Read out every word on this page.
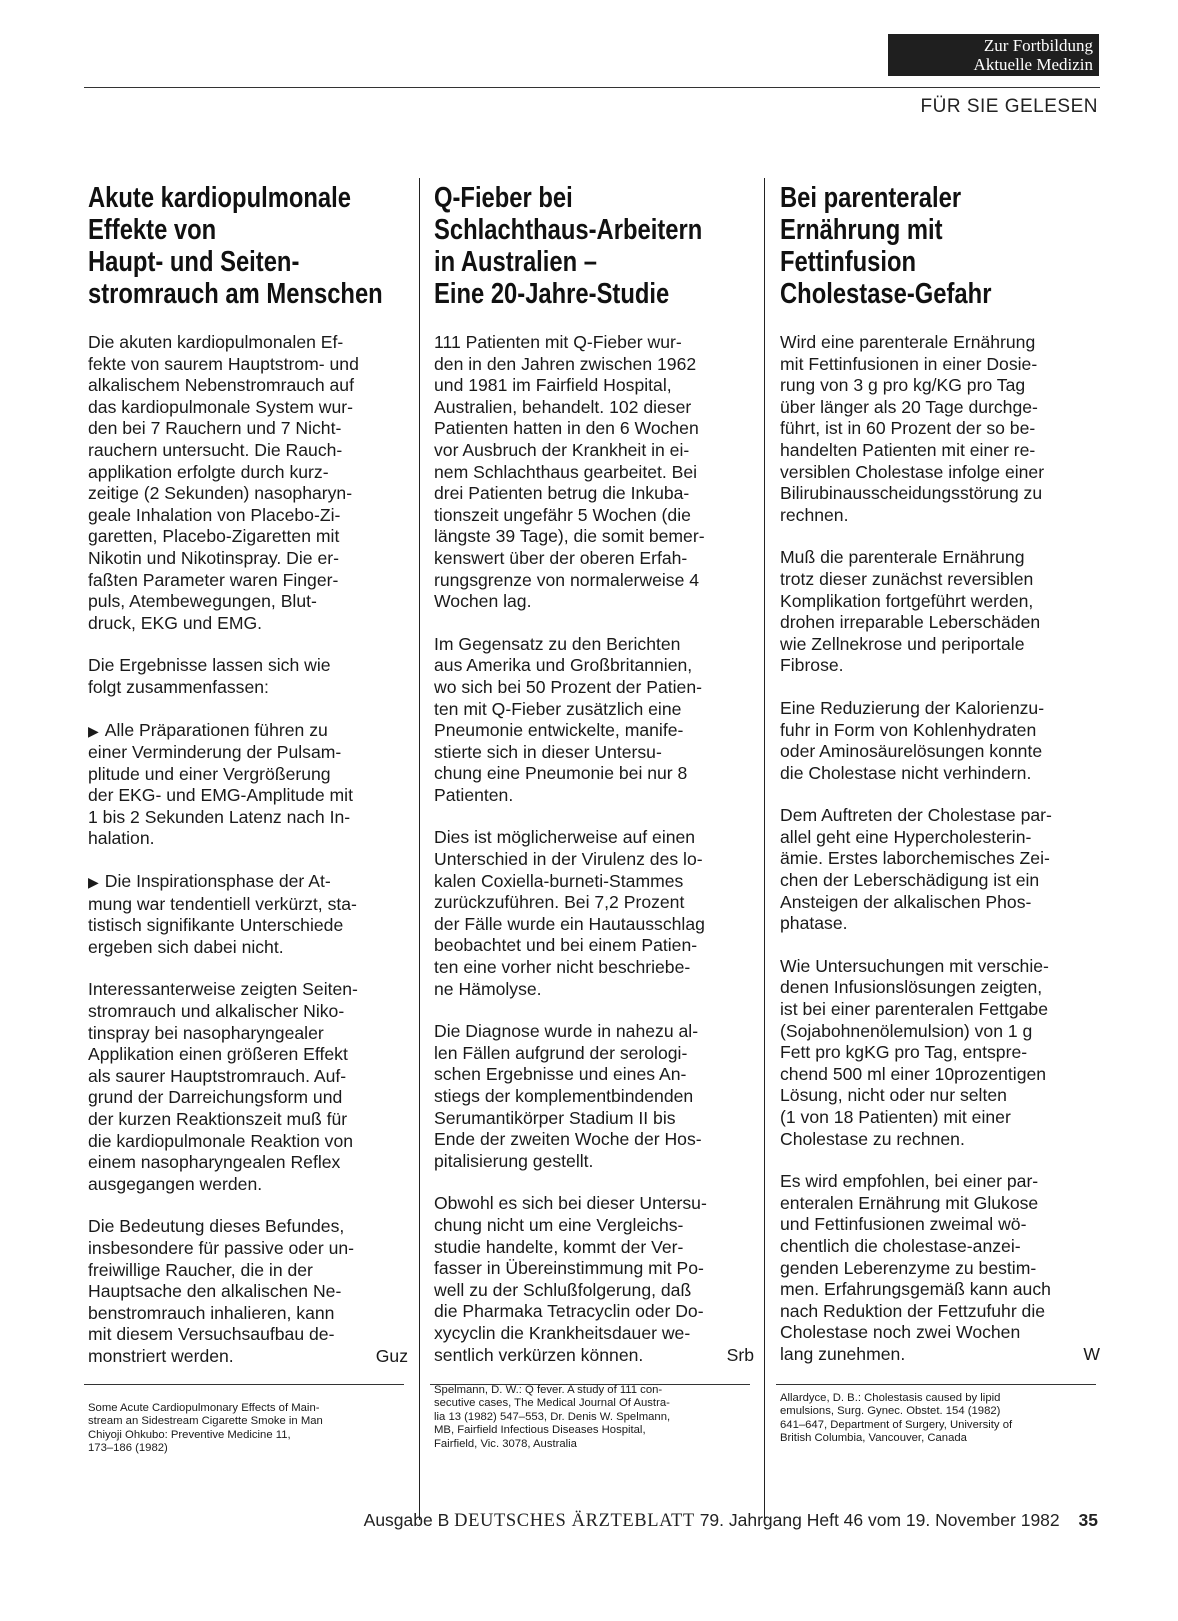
Zur Fortbildung
Aktuelle Medizin
FÜR SIE GELESEN
Akute kardiopulmonale
Effekte von
Haupt- und Seiten-
stromrauch am Menschen

Die akuten kardiopulmonalen Ef-
fekte von saurem Hauptstrom- und
alkalischem Nebenstromrauch auf
das kardiopulmonale System wur-
den bei 7 Rauchern und 7 Nicht-
rauchern untersucht. Die Rauch-
applikation erfolgte durch kurz-
zeitige (2 Sekunden) nasopharyn-
geale Inhalation von Placebo-Zi-
garetten, Placebo-Zigaretten mit
Nikotin und Nikotinspray. Die er-
faßten Parameter waren Finger-
puls, Atembewegungen, Blut-
druck, EKG und EMG.

Die Ergebnisse lassen sich wie
folgt zusammenfassen:

▶ Alle Präparationen führen zu
einer Verminderung der Pulsam-
plitude und einer Vergrößerung
der EKG- und EMG-Amplitude mit
1 bis 2 Sekunden Latenz nach In-
halation.

▶ Die Inspirationsphase der At-
mung war tendentiell verkürzt, sta-
tistisch signifikante Unterschiede
ergeben sich dabei nicht.

Interessanterweise zeigten Seiten-
stromrauch und alkalischer Niko-
tinspray bei nasopharyngealer
Applikation einen größeren Effekt
als saurer Hauptstromrauch. Auf-
grund der Darreichungsform und
der kurzen Reaktionszeit muß für
die kardiopulmonale Reaktion von
einem nasopharyngealen Reflex
ausgegangen werden.

Die Bedeutung dieses Befundes,
insbesondere für passive oder un-
freiwillige Raucher, die in der
Hauptsache den alkalischen Ne-
benstromrauch inhalieren, kann
mit diesem Versuchsaufbau de-

monstriert werden.	Guz
Q-Fieber bei
Schlachthaus-Arbeitern
in Australien –
Eine 20-Jahre-Studie

111 Patienten mit Q-Fieber wur-
den in den Jahren zwischen 1962
und 1981 im Fairfield Hospital,
Australien, behandelt. 102 dieser
Patienten hatten in den 6 Wochen
vor Ausbruch der Krankheit in ei-
nem Schlachthaus gearbeitet. Bei
drei Patienten betrug die Inkuba-
tionszeit ungefähr 5 Wochen (die
längste 39 Tage), die somit bemer-
kenswert über der oberen Erfah-
rungsgrenze von normalerweise 4
Wochen lag.

Im Gegensatz zu den Berichten
aus Amerika und Großbritannien,
wo sich bei 50 Prozent der Patien-
ten mit Q-Fieber zusätzlich eine
Pneumonie entwickelte, manife-
stierte sich in dieser Untersu-
chung eine Pneumonie bei nur 8
Patienten.

Dies ist möglicherweise auf einen
Unterschied in der Virulenz des lo-
kalen Coxiella-burneti-Stammes
zurückzuführen. Bei 7,2 Prozent
der Fälle wurde ein Hautausschlag
beobachtet und bei einem Patien-
ten eine vorher nicht beschriebe-
ne Hämolyse.

Die Diagnose wurde in nahezu al-
len Fällen aufgrund der serologi-
schen Ergebnisse und eines An-
stiegs der komplementbindenden
Serumantikörper Stadium II bis
Ende der zweiten Woche der Hos-
pitalisierung gestellt.

Obwohl es sich bei dieser Untersu-
chung nicht um eine Vergleichs-
studie handelte, kommt der Ver-
fasser in Übereinstimmung mit Po-
well zu der Schlußfolgerung, daß
die Pharmaka Tetracyclin oder Do-
xycyclin die Krankheitsdauer we-

sentlich verkürzen können.	Srb
Bei parenteraler
Ernährung mit
Fettinfusion
Cholestase-Gefahr

Wird eine parenterale Ernährung
mit Fettinfusionen in einer Dosie-
rung von 3 g pro kg/KG pro Tag
über länger als 20 Tage durchge-
führt, ist in 60 Prozent der so be-
handelten Patienten mit einer re-
versiblen Cholestase infolge einer
Bilirubinausscheidungsstörung zu
rechnen.

Muß die parenterale Ernährung
trotz dieser zunächst reversiblen
Komplikation fortgeführt werden,
drohen irreparable Leberschäden
wie Zellnekrose und periportale
Fibrose.

Eine Reduzierung der Kalorienzu-
fuhr in Form von Kohlenhydraten
oder Aminosäurelösungen konnte
die Cholestase nicht verhindern.

Dem Auftreten der Cholestase par-
allel geht eine Hypercholesterin-
ämie. Erstes laborchemisches Zei-
chen der Leberschädigung ist ein
Ansteigen der alkalischen Phos-
phatase.

Wie Untersuchungen mit verschie-
denen Infusionslösungen zeigten,
ist bei einer parenteralen Fettgabe
(Sojabohnenölemulsion) von 1 g
Fett pro kgKG pro Tag, entspre-
chend 500 ml einer 10prozentigen
Lösung, nicht oder nur selten
(1 von 18 Patienten) mit einer
Cholestase zu rechnen.

Es wird empfohlen, bei einer par-
enteralen Ernährung mit Glukose
und Fettinfusionen zweimal wö-
chentlich die cholestase-anzei-
genden Leberenzyme zu bestim-
men. Erfahrungsgemäß kann auch
nach Reduktion der Fettzufuhr die
Cholestase noch zwei Wochen

lang zunehmen.	W
Some Acute Cardiopulmonary Effects of Main-
stream an Sidestream Cigarette Smoke in Man
Chiyoji Ohkubo: Preventive Medicine 11,
173–186 (1982)
Spelmann, D. W.: Q fever. A study of 111 con-
secutive cases, The Medical Journal Of Austra-
lia 13 (1982) 547–553, Dr. Denis W. Spelmann,
MB, Fairfield Infectious Diseases Hospital,
Fairfield, Vic. 3078, Australia
Allardyce, D. B.: Cholestasis caused by lipid
emulsions, Surg. Gynec. Obstet. 154 (1982)
641–647, Department of Surgery, University of
British Columbia, Vancouver, Canada
Ausgabe B DEUTSCHES ÄRZTEBLATT 79. Jahrgang Heft 46 vom 19. November 1982 35
